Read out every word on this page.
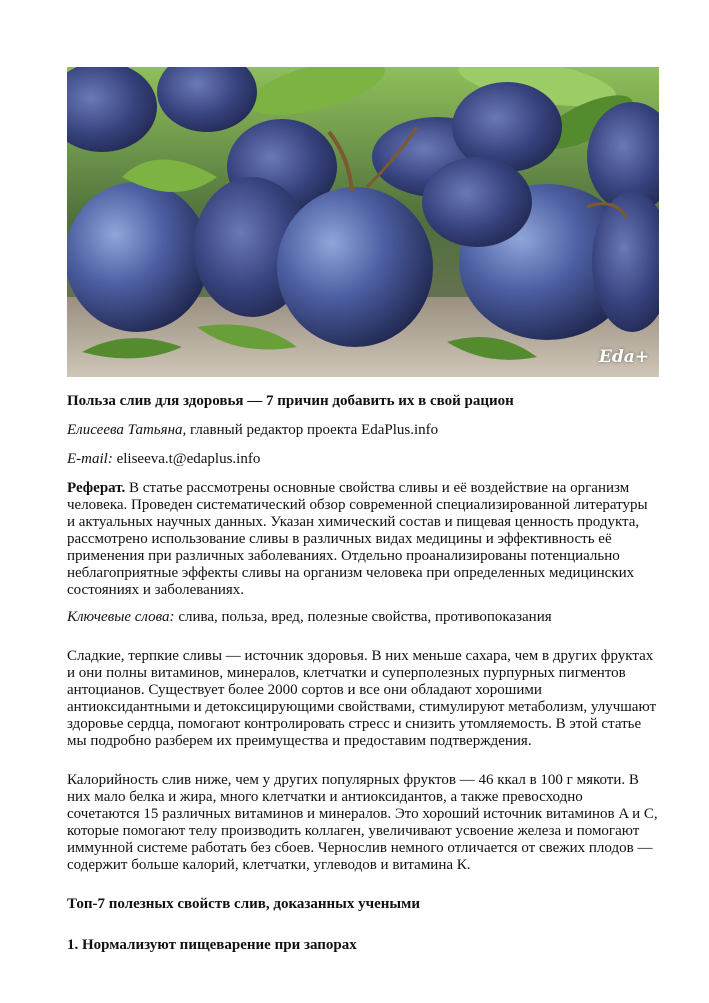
Eda+

Польза слив для здоровья — 7 причин добавить их в свой рацион

Елисеева Татьяна, главный редактор проекта EdaPlus.info

E-mail: eliseeva.t@edaplus.info

Реферат. В статье рассмотрены основные свойства сливы и её воздействие на организм человека. Проведен систематический обзор современной специализированной литературы и актуальных научных данных. Указан химический состав и пищевая ценность продукта, рассмотрено использование сливы в различных видах медицины и эффективность её применения при различных заболеваниях. Отдельно проанализированы потенциально неблагоприятные эффекты сливы на организм человека при определенных медицинских состояниях и заболеваниях.

Ключевые слова: слива, польза, вред, полезные свойства, противопоказания

Сладкие, терпкие сливы — источник здоровья. В них меньше сахара, чем в других фруктах и они полны витаминов, минералов, клетчатки и суперполезных пурпурных пигментов антоцианов. Существует более 2000 сортов и все они обладают хорошими антиоксидантными и детоксицирующими свойствами, стимулируют метаболизм, улучшают здоровье сердца, помогают контролировать стресс и снизить утомляемость. В этой статье мы подробно разберем их преимущества и предоставим подтверждения.

Калорийность слив ниже, чем у других популярных фруктов — 46 ккал в 100 г мякоти. В них мало белка и жира, много клетчатки и антиоксидантов, а также превосходно сочетаются 15 различных витаминов и минералов. Это хороший источник витаминов A и C, которые помогают телу производить коллаген, увеличивают усвоение железа и помогают иммунной системе работать без сбоев. Чернослив немного отличается от свежих плодов — содержит больше калорий, клетчатки, углеводов и витамина К.

Топ-7 полезных свойств слив, доказанных учеными

1. Нормализуют пищеварение при запорах
